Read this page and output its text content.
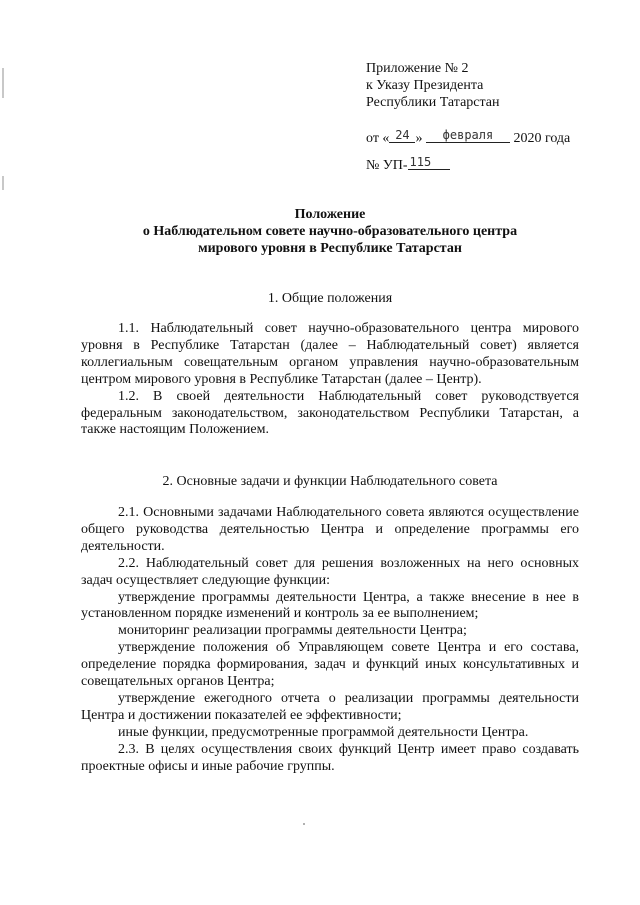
Приложение № 2
к Указу Президента
Республики Татарстан
от « 24 » февраля 2020 года
№ УП- 115
Положение
о Наблюдательном совете научно-образовательного центра
мирового уровня в Республике Татарстан
1. Общие положения

1.1. Наблюдательный совет научно-образовательного центра мирового уровня в Республике Татарстан (далее – Наблюдательный совет) является коллегиальным совещательным органом управления научно-образовательным центром мирового уровня в Республике Татарстан (далее – Центр).

1.2. В своей деятельности Наблюдательный совет руководствуется федеральным законодательством, законодательством Республики Татарстан, а также настоящим Положением.

2. Основные задачи и функции Наблюдательного совета

2.1. Основными задачами Наблюдательного совета являются осуществление общего руководства деятельностью Центра и определение программы его деятельности.

2.2. Наблюдательный совет для решения возложенных на него основных задач осуществляет следующие функции:

утверждение программы деятельности Центра, а также внесение в нее в установленном порядке изменений и контроль за ее выполнением;

мониторинг реализации программы деятельности Центра;

утверждение положения об Управляющем совете Центра и его состава, определение порядка формирования, задач и функций иных консультативных и совещательных органов Центра;

утверждение ежегодного отчета о реализации программы деятельности Центра и достижении показателей ее эффективности;

иные функции, предусмотренные программой деятельности Центра.

2.3. В целях осуществления своих функций Центр имеет право создавать проектные офисы и иные рабочие группы.
